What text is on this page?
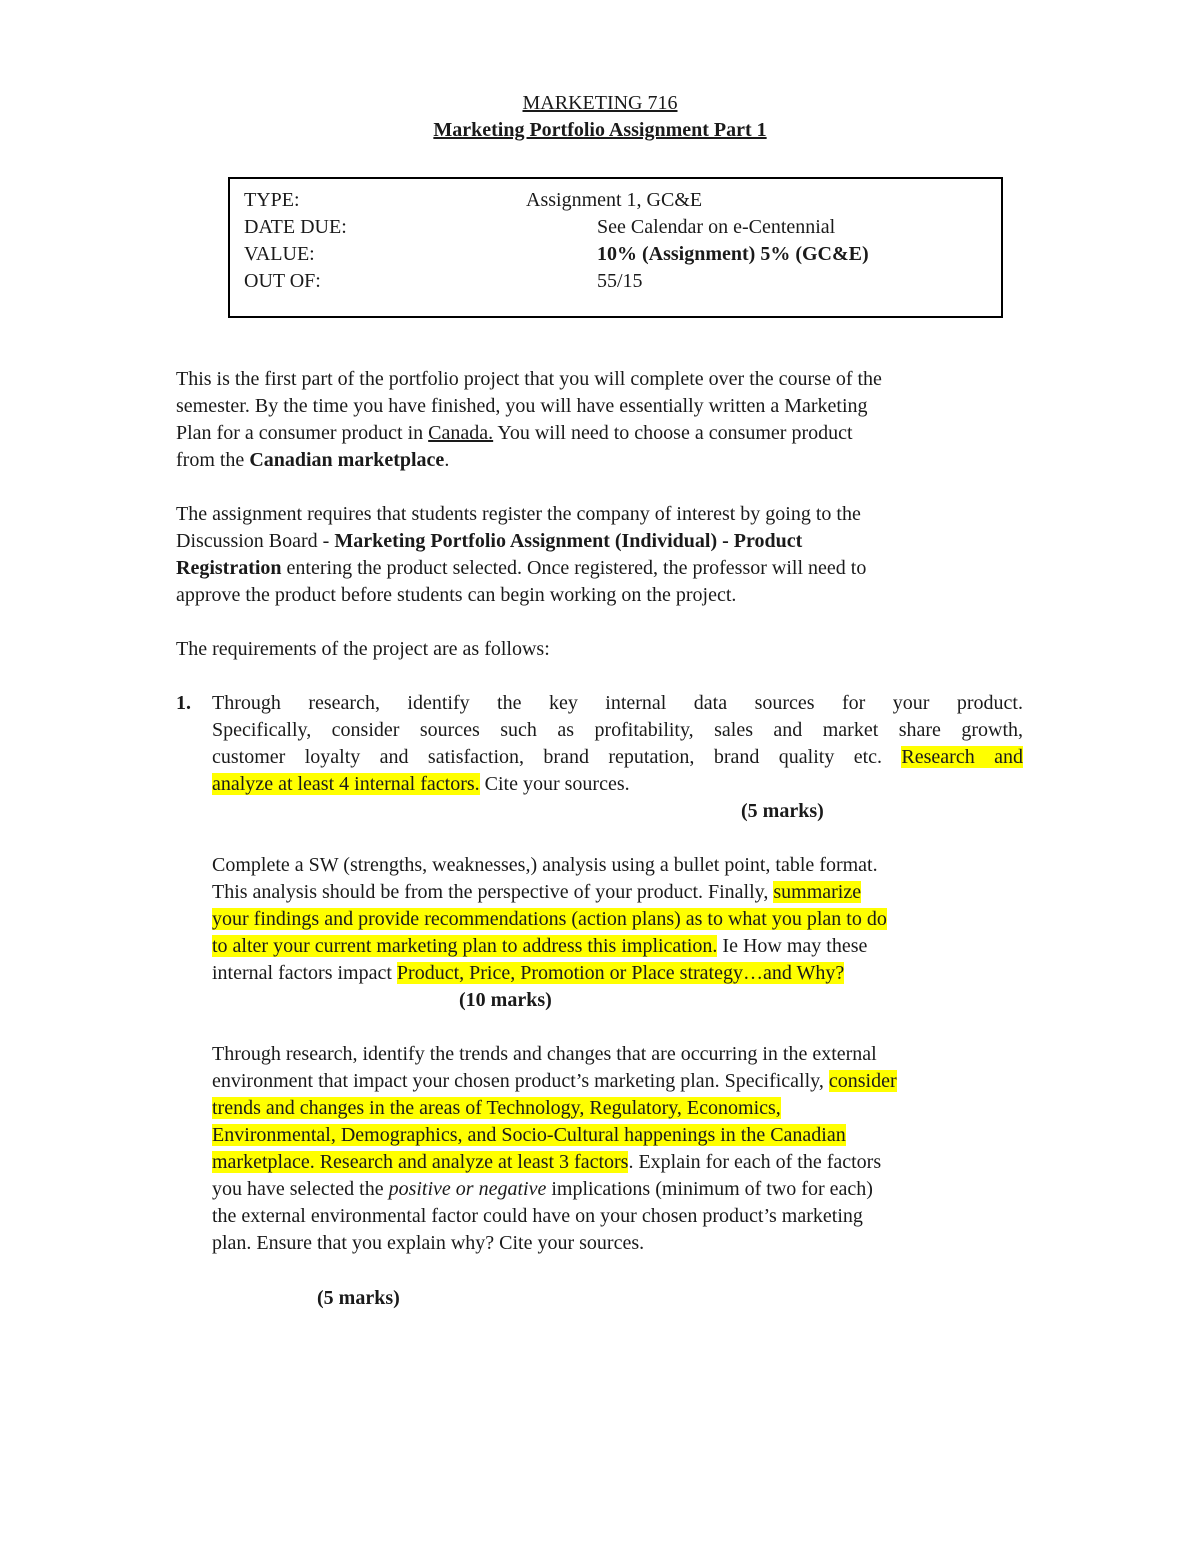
MARKETING 716
Marketing Portfolio Assignment Part 1
TYPE:	Assignment 1, GC&E
DATE DUE:	See Calendar on e-Centennial
VALUE:	10% (Assignment) 5% (GC&E)
OUT OF:	55/15
This is the first part of the portfolio project that you will complete over the course of the
semester. By the time you have finished, you will have essentially written a Marketing
Plan for a consumer product in Canada. You will need to choose a consumer product
from the Canadian marketplace.
The assignment requires that students register the company of interest by going to the
Discussion Board - Marketing Portfolio Assignment (Individual) - Product
Registration entering the product selected. Once registered, the professor will need to
approve the product before students can begin working on the project.
The requirements of the project are as follows:
1. Through research, identify the key internal data sources for your product.
Specifically, consider sources such as profitability, sales and market share growth,
customer loyalty and satisfaction, brand reputation, brand quality etc. Research and
analyze at least 4 internal factors. Cite your sources.
(5 marks)
Complete a SW (strengths, weaknesses,) analysis using a bullet point, table format.
This analysis should be from the perspective of your product. Finally, summarize
your findings and provide recommendations (action plans) as to what you plan to do
to alter your current marketing plan to address this implication. Ie How may these
internal factors impact Product, Price, Promotion or Place strategy…and Why?
(10 marks)
Through research, identify the trends and changes that are occurring in the external
environment that impact your chosen product’s marketing plan. Specifically, consider
trends and changes in the areas of Technology, Regulatory, Economics,
Environmental, Demographics, and Socio-Cultural happenings in the Canadian
marketplace. Research and analyze at least 3 factors. Explain for each of the factors
you have selected the positive or negative implications (minimum of two for each)
the external environmental factor could have on your chosen product’s marketing
plan. Ensure that you explain why? Cite your sources.
(5 marks)
